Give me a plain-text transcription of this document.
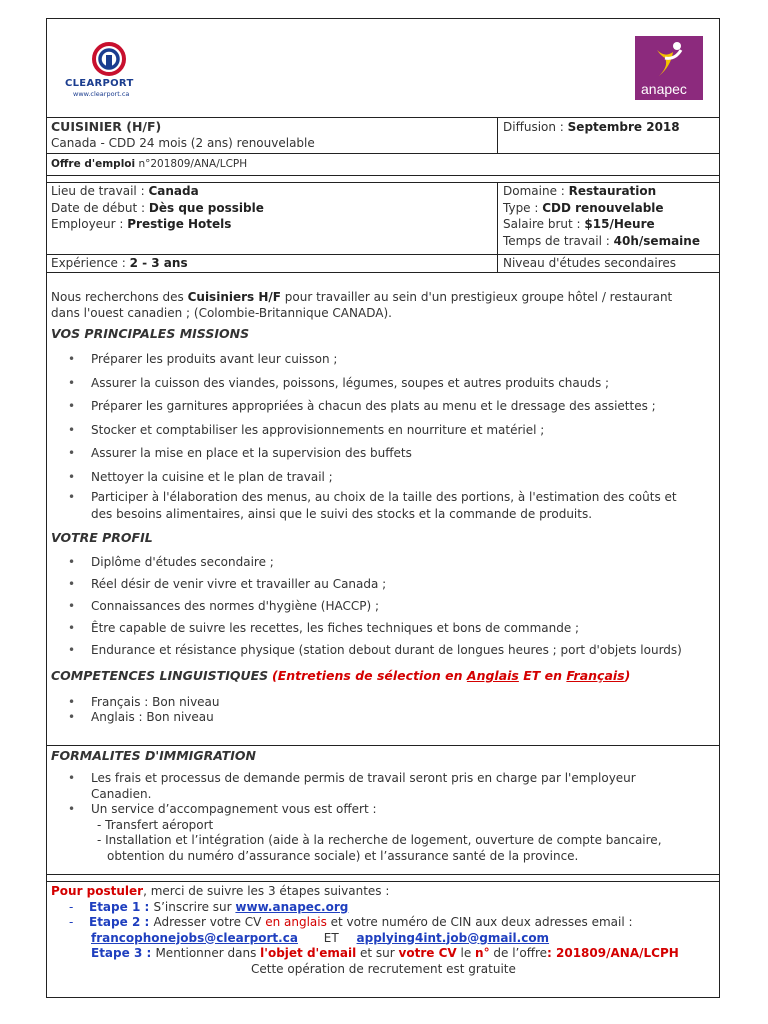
CLEARPORT
www.clearport.ca	anapec
CUISINIER (H/F)
Canada - CDD 24 mois (2 ans) renouvelable
Diffusion : Septembre 2018
Offre d'emploi n°201809/ANA/LCPH
Lieu de travail : Canada
Date de début : Dès que possible
Employeur : Prestige Hotels
Domaine : Restauration
Type : CDD renouvelable
Salaire brut : $15/Heure
Temps de travail : 40h/semaine
Expérience : 2 - 3 ans	Niveau d'études secondaires
Nous recherchons des Cuisiniers H/F pour travailler au sein d'un prestigieux groupe hôtel / restaurant
dans l'ouest canadien ; (Colombie-Britannique CANADA).
VOS PRINCIPALES MISSIONS
• Préparer les produits avant leur cuisson ;
• Assurer la cuisson des viandes, poissons, légumes, soupes et autres produits chauds ;
• Préparer les garnitures appropriées à chacun des plats au menu et le dressage des assiettes ;
• Stocker et comptabiliser les approvisionnements en nourriture et matériel ;
• Assurer la mise en place et la supervision des buffets
• Nettoyer la cuisine et le plan de travail ;
• Participer à l'élaboration des menus, au choix de la taille des portions, à l'estimation des coûts et
des besoins alimentaires, ainsi que le suivi des stocks et la commande de produits.
VOTRE PROFIL
• Diplôme d'études secondaire ;
• Réel désir de venir vivre et travailler au Canada ;
• Connaissances des normes d'hygiène (HACCP) ;
• Être capable de suivre les recettes, les fiches techniques et bons de commande ;
• Endurance et résistance physique (station debout durant de longues heures ; port d'objets lourds)
COMPETENCES LINGUISTIQUES (Entretiens de sélection en Anglais ET en Français)
• Français : Bon niveau
• Anglais : Bon niveau
FORMALITES D'IMMIGRATION
• Les frais et processus de demande permis de travail seront pris en charge par l'employeur
Canadien.
• Un service d’accompagnement vous est offert :
- Transfert aéroport
- Installation et l’intégration (aide à la recherche de logement, ouverture de compte bancaire,
obtention du numéro d’assurance sociale) et l’assurance santé de la province.
Pour postuler, merci de suivre les 3 étapes suivantes :
- Etape 1 : S’inscrire sur www.anapec.org
- Etape 2 : Adresser votre CV en anglais et votre numéro de CIN aux deux adresses email :
francophonejobs@clearport.ca ET applying4int.job@gmail.com
Etape 3 : Mentionner dans l'objet d'email et sur votre CV le n° de l’offre: 201809/ANA/LCPH
Cette opération de recrutement est gratuite
